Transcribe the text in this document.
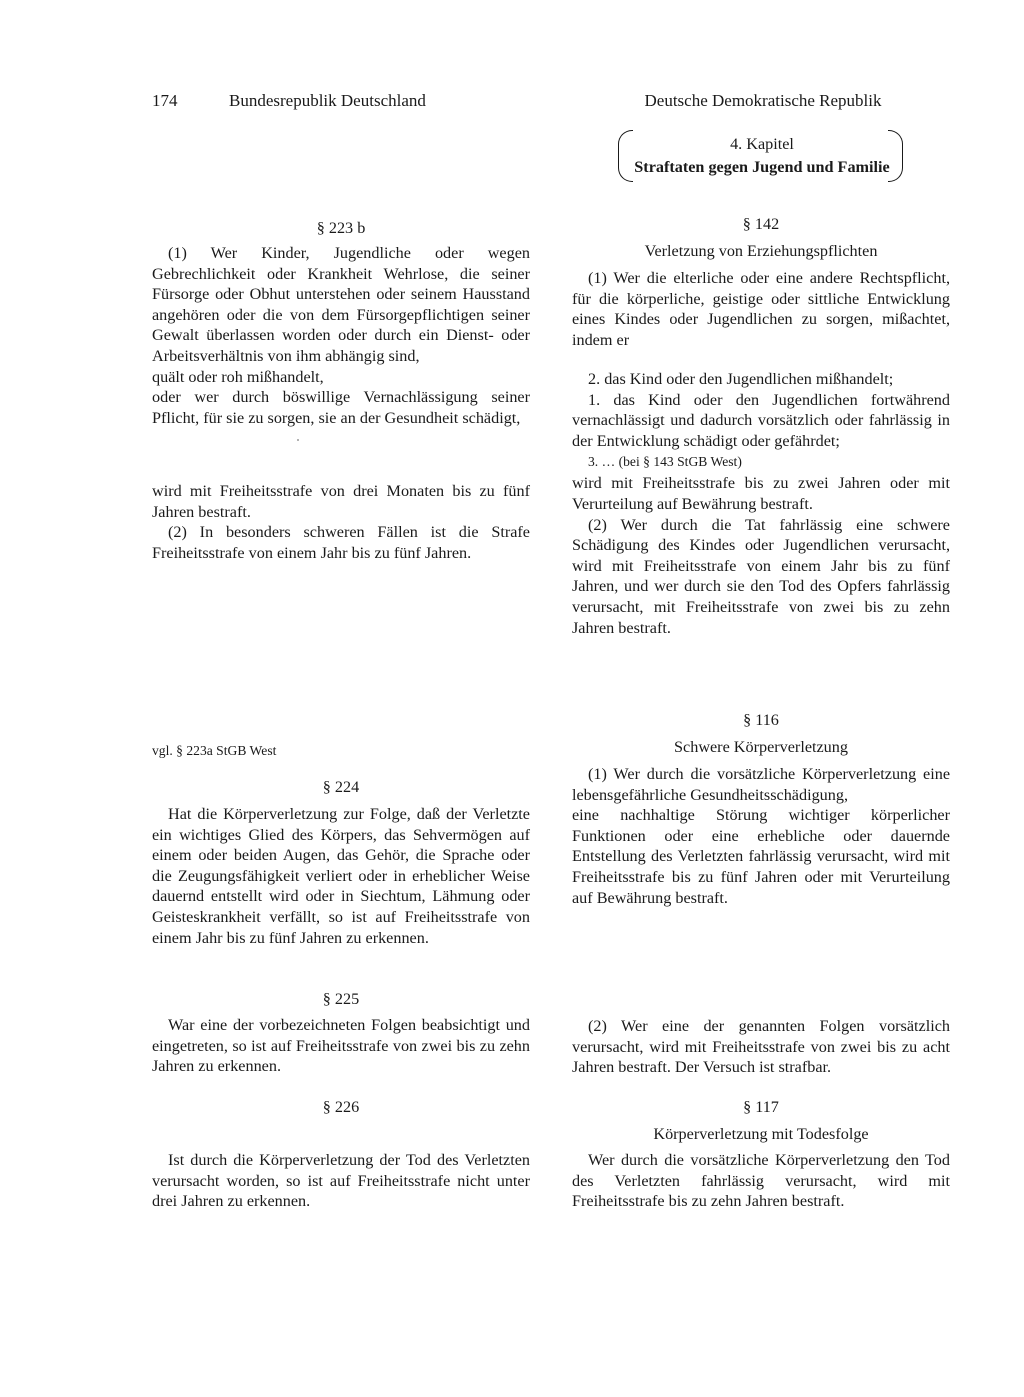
174	Bundesrepublik Deutschland	Deutsche Demokratische Republik
4. Kapitel
Straftaten gegen Jugend und Familie
§ 223 b

(1) Wer Kinder, Jugendliche oder wegen Gebrechlichkeit oder Krankheit Wehrlose, die seiner Fürsorge oder Obhut unterstehen oder seinem Hausstand angehören oder die von dem Fürsorgepflichtigen seiner Gewalt überlassen worden oder durch ein Dienst- oder Arbeitsverhältnis von ihm abhängig sind,

quält oder roh mißhandelt,

oder wer durch böswillige Vernachlässigung seiner Pflicht, für sie zu sorgen, sie an der Gesundheit schädigt,

wird mit Freiheitsstrafe von drei Monaten bis zu fünf Jahren bestraft.

(2) In besonders schweren Fällen ist die Strafe Freiheitsstrafe von einem Jahr bis zu fünf Jahren.

vgl. § 223a StGB West
§ 224

Hat die Körperverletzung zur Folge, daß der Verletzte ein wichtiges Glied des Körpers, das Sehvermögen auf einem oder beiden Augen, das Gehör, die Sprache oder die Zeugungsfähigkeit verliert oder in erheblicher Weise dauernd entstellt wird oder in Siechtum, Lähmung oder Geisteskrankheit verfällt, so ist auf Freiheitsstrafe von einem Jahr bis zu fünf Jahren zu erkennen.

§ 225

War eine der vorbezeichneten Folgen beabsichtigt und eingetreten, so ist auf Freiheitsstrafe von zwei bis zu zehn Jahren zu erkennen.

§ 226

Ist durch die Körperverletzung der Tod des Verletzten verursacht worden, so ist auf Freiheitsstrafe nicht unter drei Jahren zu erkennen.

§ 142
Verletzung von Erziehungspflichten

(1) Wer die elterliche oder eine andere Rechtspflicht, für die körperliche, geistige oder sittliche Entwicklung eines Kindes oder Jugendlichen zu sorgen, mißachtet, indem er

2. das Kind oder den Jugendlichen mißhandelt;

1. das Kind oder den Jugendlichen fortwährend vernachlässigt und dadurch vorsätzlich oder fahrlässig in der Entwicklung schädigt oder gefährdet;

3. … (bei § 143 StGB West)

wird mit Freiheitsstrafe bis zu zwei Jahren oder mit Verurteilung auf Bewährung bestraft.

(2) Wer durch die Tat fahrlässig eine schwere Schädigung des Kindes oder Jugendlichen verursacht, wird mit Freiheitsstrafe von einem Jahr bis zu fünf Jahren, und wer durch sie den Tod des Opfers fahrlässig verursacht, mit Freiheitsstrafe von zwei bis zu zehn Jahren bestraft.

§ 116
Schwere Körperverletzung

(1) Wer durch die vorsätzliche Körperverletzung eine lebensgefährliche Gesundheitsschädigung,

eine nachhaltige Störung wichtiger körperlicher Funktionen oder eine erhebliche oder dauernde Entstellung des Verletzten fahrlässig verursacht, wird mit Freiheitsstrafe bis zu fünf Jahren oder mit Verurteilung auf Bewährung bestraft.

(2) Wer eine der genannten Folgen vorsätzlich verursacht, wird mit Freiheitsstrafe von zwei bis zu acht Jahren bestraft. Der Versuch ist strafbar.

§ 117
Körperverletzung mit Todesfolge

Wer durch die vorsätzliche Körperverletzung den Tod des Verletzten fahrlässig verursacht, wird mit Freiheitsstrafe bis zu zehn Jahren bestraft.
